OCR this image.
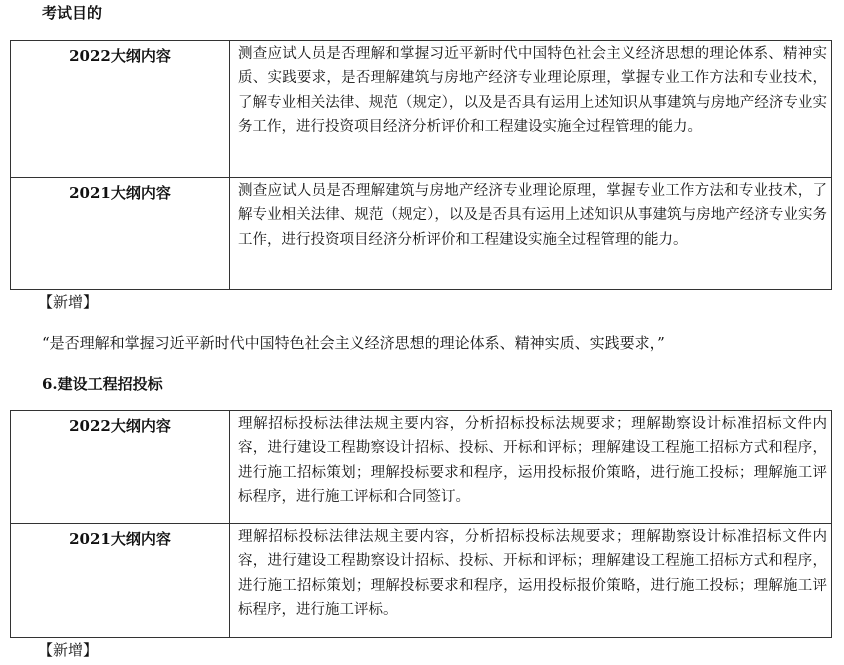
考试目的
2022大纲内容	测查应试人员是否理解和掌握习近平新时代中国特色社会主义经济思想的理论体系、精神实质、实践要求，是否理解建筑与房地产经济专业理论原理，掌握专业工作方法和专业技术，了解专业相关法律、规范（规定），以及是否具有运用上述知识从事建筑与房地产经济专业实务工作，进行投资项目经济分析评价和工程建设实施全过程管理的能力。
2021大纲内容	测查应试人员是否理解建筑与房地产经济专业理论原理，掌握专业工作方法和专业技术，了解专业相关法律、规范（规定），以及是否具有运用上述知识从事建筑与房地产经济专业实务工作，进行投资项目经济分析评价和工程建设实施全过程管理的能力。
【新增】
“是否理解和掌握习近平新时代中国特色社会主义经济思想的理论体系、精神实质、实践要求，”
6.建设工程招投标
2022大纲内容	理解招标投标法律法规主要内容，分析招标投标法规要求；理解勘察设计标准招标文件内容，进行建设工程勘察设计招标、投标、开标和评标；理解建设工程施工招标方式和程序，进行施工招标策划；理解投标要求和程序，运用投标报价策略，进行施工投标；理解施工评标程序，进行施工评标和合同签订。
2021大纲内容	理解招标投标法律法规主要内容，分析招标投标法规要求；理解勘察设计标准招标文件内容，进行建设工程勘察设计招标、投标、开标和评标；理解建设工程施工招标方式和程序，进行施工招标策划；理解投标要求和程序，运用投标报价策略，进行施工投标；理解施工评标程序，进行施工评标。
【新增】
